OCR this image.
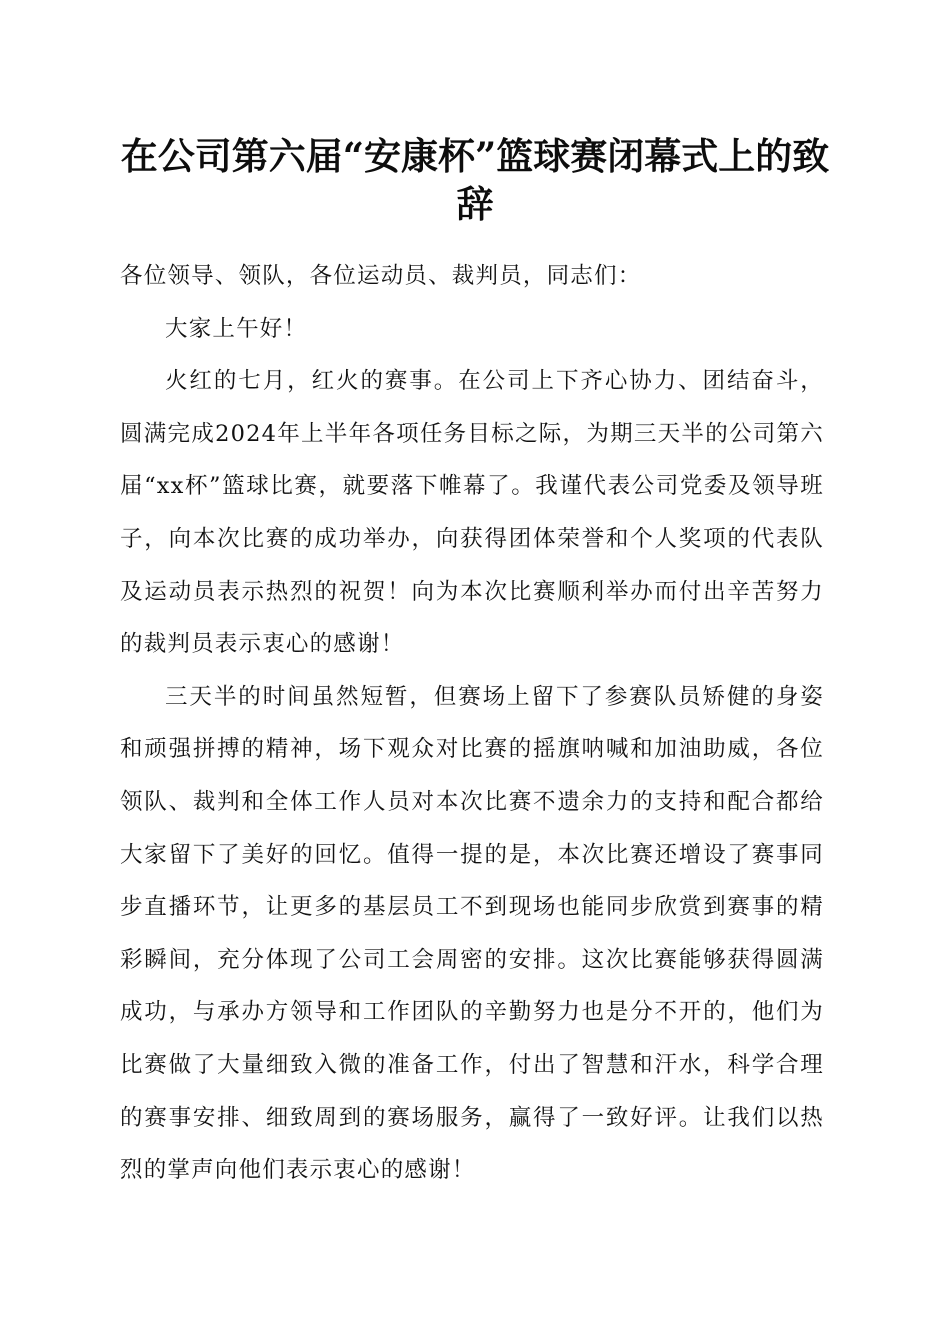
在公司第六届“安康杯”篮球赛闭幕式上的致辞

各位领导、领队，各位运动员、裁判员，同志们：

大家上午好！

火红的七月，红火的赛事。在公司上下齐心协力、团结奋斗，圆满完成2024年上半年各项任务目标之际，为期三天半的公司第六届“xx杯”篮球比赛，就要落下帷幕了。我谨代表公司党委及领导班子，向本次比赛的成功举办，向获得团体荣誉和个人奖项的代表队及运动员表示热烈的祝贺！向为本次比赛顺利举办而付出辛苦努力的裁判员表示衷心的感谢！

三天半的时间虽然短暂，但赛场上留下了参赛队员矫健的身姿和顽强拼搏的精神，场下观众对比赛的摇旗呐喊和加油助威，各位领队、裁判和全体工作人员对本次比赛不遗余力的支持和配合都给大家留下了美好的回忆。值得一提的是，本次比赛还增设了赛事同步直播环节，让更多的基层员工不到现场也能同步欣赏到赛事的精彩瞬间，充分体现了公司工会周密的安排。这次比赛能够获得圆满成功，与承办方领导和工作团队的辛勤努力也是分不开的，他们为比赛做了大量细致入微的准备工作，付出了智慧和汗水，科学合理的赛事安排、细致周到的赛场服务，赢得了一致好评。让我们以热烈的掌声向他们表示衷心的感谢！
